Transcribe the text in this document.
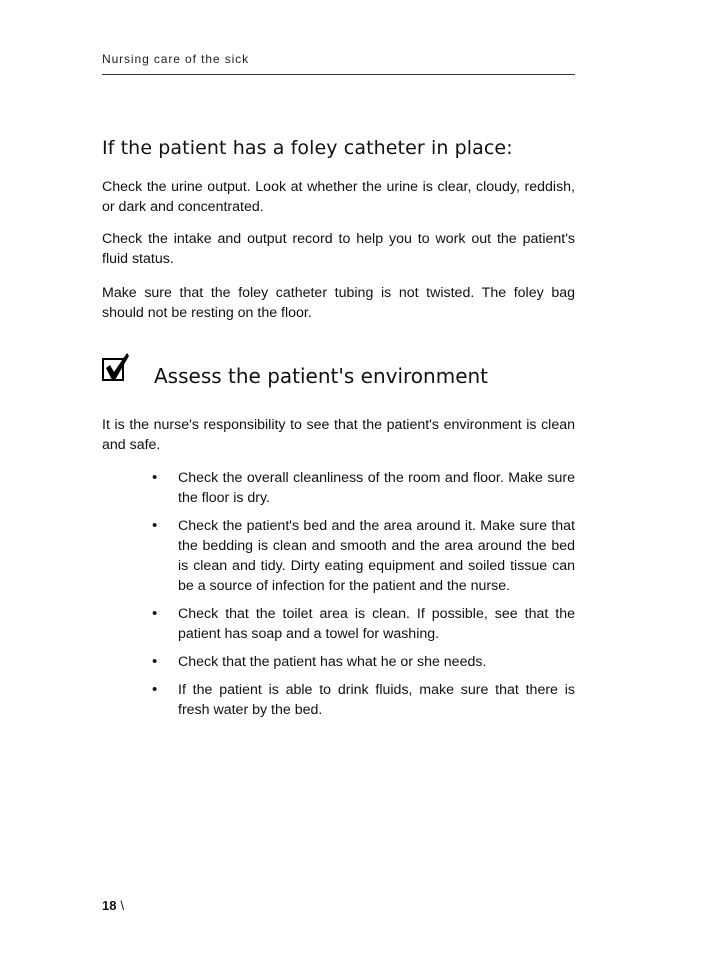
Nursing care of the sick
If the patient has a foley catheter in place:

Check the urine output. Look at whether the urine is clear, cloudy, reddish, or dark and concentrated.

Check the intake and output record to help you to work out the patient's fluid status.

Make sure that the foley catheter tubing is not twisted. The foley bag should not be resting on the floor.

Assess the patient's environment

It is the nurse's responsibility to see that the patient's environment is clean and safe.

• Check the overall cleanliness of the room and floor. Make sure the floor is dry.
• Check the patient's bed and the area around it. Make sure that the bedding is clean and smooth and the area around the bed is clean and tidy. Dirty eating equipment and soiled tissue can be a source of infection for the patient and the nurse.
• Check that the toilet area is clean. If possible, see that the patient has soap and a towel for washing.
• Check that the patient has what he or she needs.
• If the patient is able to drink fluids, make sure that there is fresh water by the bed.
18 \
